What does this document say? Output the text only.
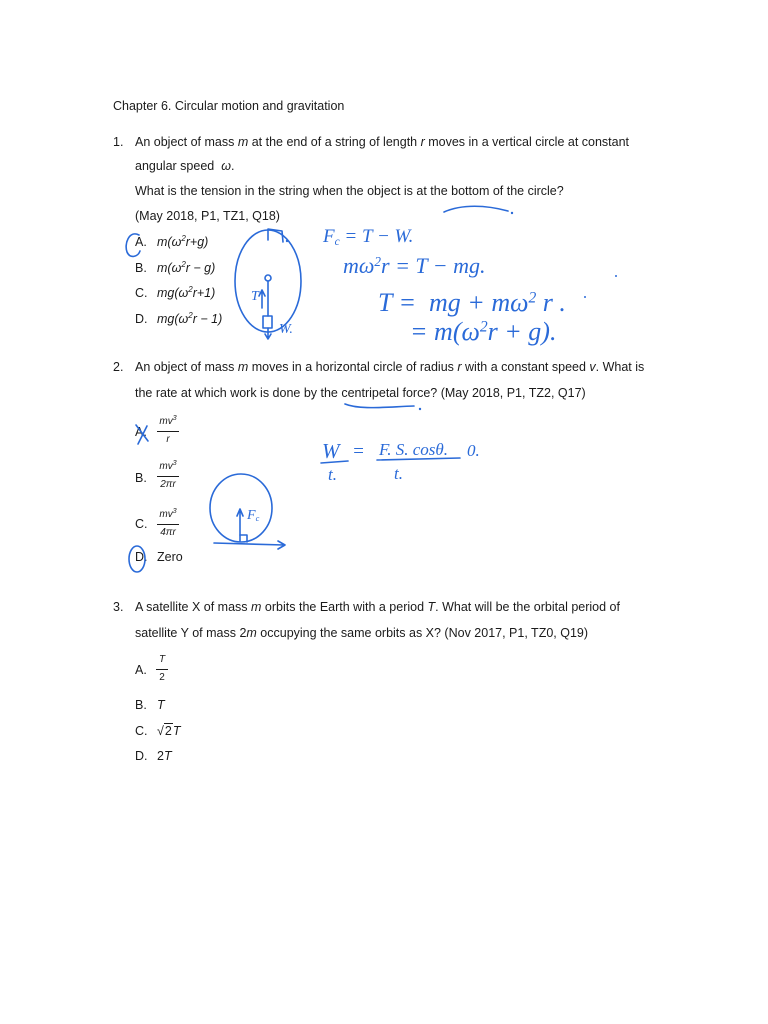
Chapter 6. Circular motion and gravitation
1. An object of mass m at the end of a string of length r moves in a vertical circle at constant
angular speed  ω.
What is the tension in the string when the object is at the bottom of the circle?
(May 2018, P1, TZ1, Q18)
A. $m(\omega^2r+g)$
B. $m(\omega^2r - g)$
C. $mg(\omega^2r+1)$
D. $mg(\omega^2r - 1)$
2. An object of mass m moves in a horizontal circle of radius r with a constant speed v. What is
the rate at which work is done by the centripetal force? (May 2018, P1, TZ2, Q17)
A. $\frac{mv^3}{r}$
B. $\frac{mv^3}{2\pi r}$
C. $\frac{mv^3}{4\pi r}$
D. Zero
3. A satellite X of mass m orbits the Earth with a period T. What will be the orbital period of
satellite Y of mass 2m occupying the same orbits as X? (Nov 2017, P1, TZ0, Q19)
A. $\frac{T}{2}$
B. T
C. √2T
D. 2T
$F_c = T - W$.
$m\omega^2r = T$ − mg.
T =  mg + $m\omega^2$ r .
= $m(\omega^2r + g)$.
T
W.
W
t.
= F. S. cosθ.
t.
0.
$F_c$
